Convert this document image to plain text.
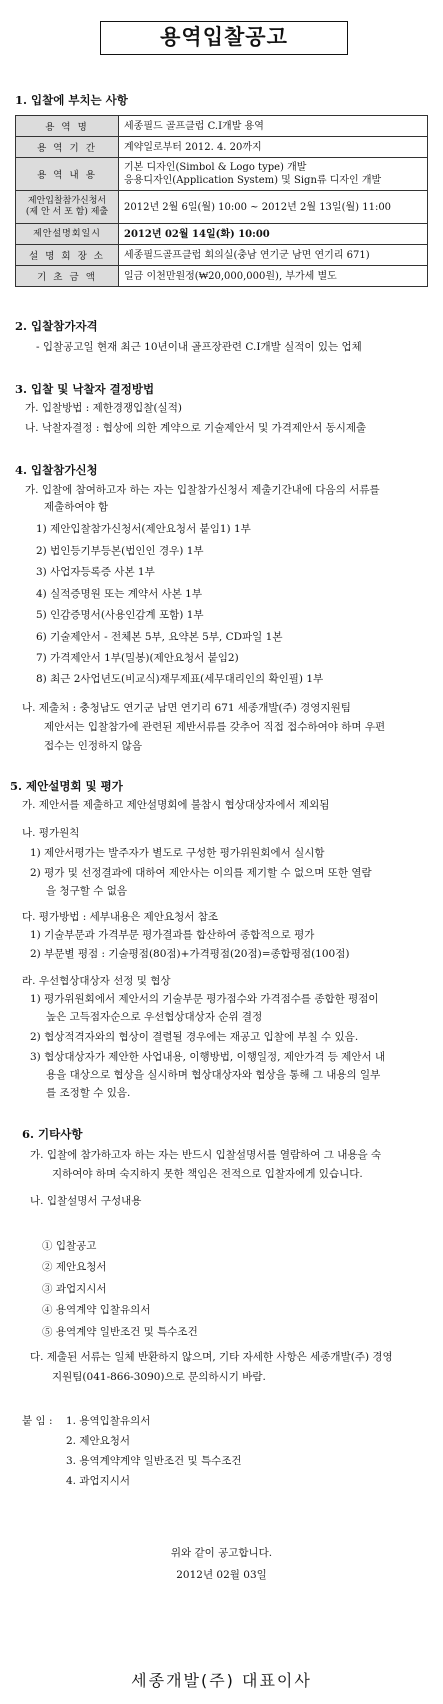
용역입찰공고
1. 입찰에 부치는 사항
용 역 명	세종필드 골프클럽 C.I개발 용역
용 역 기 간	계약일로부터 2012. 4. 20까지
용 역 내 용	기본 디자인(Simbol & Logo type) 개발
응용디자인(Application System) 및 Sign류 디자인 개발

제안입찰참가신청서
(제 안 서 포 함) 제출	2012년 2월 6일(월) 10:00 ~ 2012년 2월 13일(월) 11:00
제안설명회일시	2012년 02월 14일(화) 10:00
설 명 회 장 소	세종필드골프클럽 회의실(충남 연기군 남면 연기리 671)
기 초 금 액	일금 이천만원정(₩20,000,000원), 부가세 별도
2. 입찰참가자격
- 입찰공고일 현재 최근 10년이내 골프장관련 C.I개발 실적이 있는 업체
3. 입찰 및 낙찰자 결정방법
가. 입찰방법 : 제한경쟁입찰(실적)
나. 낙찰자결정 : 협상에 의한 계약으로 기술제안서 및 가격제안서 동시제출
4. 입찰참가신청
가. 입찰에 참여하고자 하는 자는 입찰참가신청서 제출기간내에 다음의 서류를
제출하여야 함
1) 제안입찰참가신청서(제안요청서 붙임1) 1부
2) 법인등기부등본(법인인 경우) 1부
3) 사업자등록증 사본 1부
4) 실적증명원 또는 계약서 사본 1부
5) 인감증명서(사용인감계 포함) 1부
6) 기술제안서 - 전체본 5부, 요약본 5부, CD파일 1본
7) 가격제안서 1부(밀봉)(제안요청서 붙임2)
8) 최근 2사업년도(비교식)재무제표(세무대리인의 확인필) 1부
나. 제출처 : 충청남도 연기군 남면 연기리 671 세종개발(주) 경영지원팀
제안서는 입찰참가에 관련된 제반서류를 갖추어 직접 접수하여야 하며 우편
접수는 인정하지 않음
5. 제안설명회 및 평가
가. 제안서를 제출하고 제안설명회에 불참시 협상대상자에서 제외됨
나. 평가원칙
1) 제안서평가는 발주자가 별도로 구성한 평가위원회에서 실시함
2) 평가 및 선정결과에 대하여 제안사는 이의를 제기할 수 없으며 또한 열람
을 청구할 수 없음
다. 평가방법 : 세부내용은 제안요청서 참조
1) 기술부문과 가격부문 평가결과를 합산하여 종합적으로 평가
2) 부문별 평점 : 기술평점(80점)+가격평점(20점)=종합평점(100점)
라. 우선협상대상자 선정 및 협상
1) 평가위원회에서 제안서의 기술부문 평가점수와 가격점수를 종합한 평점이
높은 고득점자순으로 우선협상대상자 순위 결정
2) 협상적격자와의 협상이 결렬될 경우에는 재공고 입찰에 부칠 수 있음.
3) 협상대상자가 제안한 사업내용, 이행방법, 이행일정, 제안가격 등 제안서 내
용을 대상으로 협상을 실시하며 협상대상자와 협상을 통해 그 내용의 일부
를 조정할 수 있음.
6. 기타사항
가. 입찰에 참가하고자 하는 자는 반드시 입찰설명서를 열람하여 그 내용을 숙
지하여야 하며 숙지하지 못한 책임은 전적으로 입찰자에게 있습니다.
나. 입찰설명서 구성내용
① 입찰공고
② 제안요청서
③ 과업지시서
④ 용역계약 입찰유의서
⑤ 용역계약 일반조건 및 특수조건
다. 제출된 서류는 일체 반환하지 않으며, 기타 자세한 사항은 세종개발(주) 경영
지원팀(041-866-3090)으로 문의하시기 바람.
붙 임 : 1. 용역입찰유의서
2. 제안요청서
3. 용역계약계약 일반조건 및 특수조건
4. 과업지시서
위와 같이 공고합니다.
2012년 02월 03일
세종개발(주) 대표이사
